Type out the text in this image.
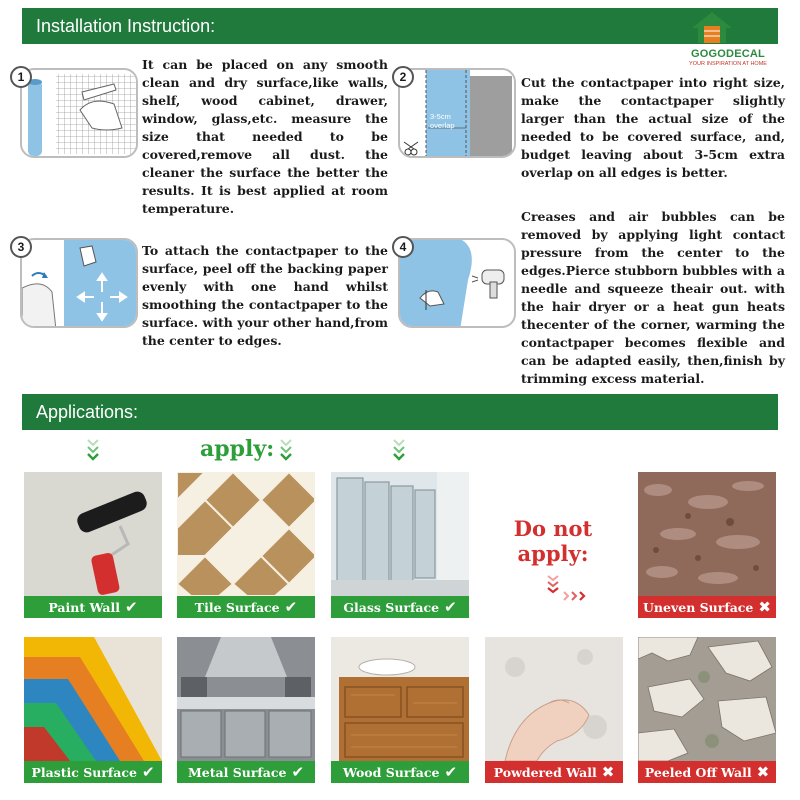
Installation Instruction:
GOGODECAL
YOUR INSPIRATION AT HOME
1
It can be placed on any smooth clean and dry surface,like walls, shelf, wood cabinet, drawer, window, glass,etc. measure the size that needed to be covered,remove all dust. the cleaner the surface the better the results. It is best applied at room temperature.
3-5cm overlap
2	Cut the contactpaper into right size, make the contactpaper slightly larger than the actual size of the needed to be covered surface, and, budget leaving about 3-5cm extra overlap on all edges is better.
3	To attach the contactpaper to the surface, peel off the backing paper evenly with one hand whilst smoothing the contactpaper to the surface. with your other hand,from the center to edges.
4
Creases and air bubbles can be removed by applying light contact pressure from the center to the edges.Pierce stubborn bubbles with a needle and squeeze theair out. with the hair dryer or a heat gun heats thecenter of the corner, warming the contactpaper becomes flexible and can be adapted easily, then,finish by trimming excess material.
Applications:
apply:
Do not
apply:
Paint Wall ✔	Tile Surface ✔	Glass Surface ✔	Uneven Surface ✖
Plastic Surface ✔	Metal Surface ✔	Wood Surface ✔	Powdered Wall ✖	Peeled Off Wall ✖
